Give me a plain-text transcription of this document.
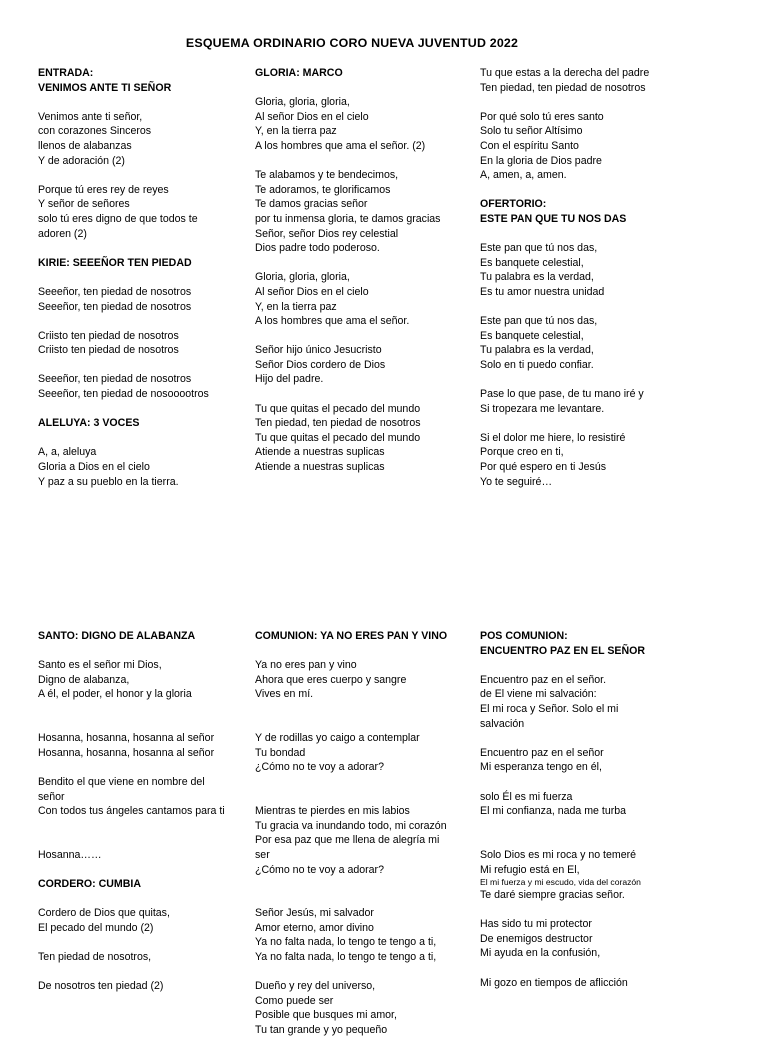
ESQUEMA ORDINARIO CORO NUEVA JUVENTUD 2022
ENTRADA:
VENIMOS ANTE TI SEÑOR
Venimos ante ti señor,
con corazones Sinceros
llenos de alabanzas
Y de adoración (2)
Porque tú eres rey de reyes
Y señor de señores
solo tú eres digno de que todos te
adoren (2)
KIRIE: SEEEÑOR TEN PIEDAD
Seeeñor, ten piedad de nosotros
Seeeñor, ten piedad de nosotros
Criisto ten piedad de nosotros
Criisto ten piedad de nosotros
Seeeñor, ten piedad de nosotros
Seeeñor, ten piedad de nosooootros
ALELUYA: 3 VOCES
A, a, aleluya
Gloria a Dios en el cielo
Y paz a su pueblo en la tierra.
GLORIA: MARCO
Gloria, gloria, gloria,
Al señor Dios en el cielo
Y, en la tierra paz
A los hombres que ama el señor. (2)
Te alabamos y te bendecimos,
Te adoramos, te glorificamos
Te damos gracias señor
por tu inmensa gloria, te damos gracias
Señor, señor Dios rey celestial
Dios padre todo poderoso.
Gloria, gloria, gloria,
Al señor Dios en el cielo
Y, en la tierra paz
A los hombres que ama el señor.
Señor hijo único Jesucristo
Señor Dios cordero de Dios
Hijo del padre.
Tu que quitas el pecado del mundo
Ten piedad, ten piedad de nosotros
Tu que quitas el pecado del mundo
Atiende a nuestras suplicas
Atiende a nuestras suplicas
Tu que estas a la derecha del padre
Ten piedad, ten piedad de nosotros
Por qué solo tú eres santo
Solo tu señor Altísimo
Con el espíritu Santo
En la gloria de Dios padre
A, amen, a, amen.
OFERTORIO:
ESTE PAN QUE TU NOS DAS
Este pan que tú nos das,
Es banquete celestial,
Tu palabra es la verdad,
Es tu amor nuestra unidad
Este pan que tú nos das,
Es banquete celestial,
Tu palabra es la verdad,
Solo en ti puedo confiar.
Pase lo que pase, de tu mano iré y
Si tropezara me levantare.
Si el dolor me hiere, lo resistiré
Porque creo en ti,
Por qué espero en ti Jesús
Yo te seguiré…
SANTO: DIGNO DE ALABANZA
Santo es el señor mi Dios,
Digno de alabanza,
A él, el poder, el honor y la gloria
Hosanna, hosanna, hosanna al señor
Hosanna, hosanna, hosanna al señor
Bendito el que viene en nombre del
señor
Con todos tus ángeles cantamos para ti
Hosanna……
CORDERO: CUMBIA
Cordero de Dios que quitas,
El pecado del mundo (2)
Ten piedad de nosotros,
De nosotros ten piedad (2)
COMUNION: YA NO ERES PAN Y VINO
Ya no eres pan y vino
Ahora que eres cuerpo y sangre
Vives en mí.
Y de rodillas yo caigo a contemplar
Tu bondad
¿Cómo no te voy a adorar?
Mientras te pierdes en mis labios
Tu gracia va inundando todo, mi corazón
Por esa paz que me llena de alegría mi
ser
¿Cómo no te voy a adorar?
Señor Jesús, mi salvador
Amor eterno, amor divino
Ya no falta nada, lo tengo te tengo a ti,
Ya no falta nada, lo tengo te tengo a ti,
Dueño y rey del universo,
Como puede ser
Posible que busques mi amor,
Tu tan grande y yo pequeño
POS COMUNION:
ENCUENTRO PAZ EN EL SEÑOR
Encuentro paz en el señor.
de El viene mi salvación:
El mi roca y Señor. Solo el mi
salvación
Encuentro paz en el señor
Mi esperanza tengo en él,
solo Él es mi fuerza
El mi confianza, nada me turba
Solo Dios es mi roca y no temeré
Mi refugio está en El,
El mi fuerza y mi escudo, vida del corazón
Te daré siempre gracias señor.
Has sido tu mi protector
De enemigos destructor
Mi ayuda en la confusión,
Mi gozo en tiempos de aflicción
